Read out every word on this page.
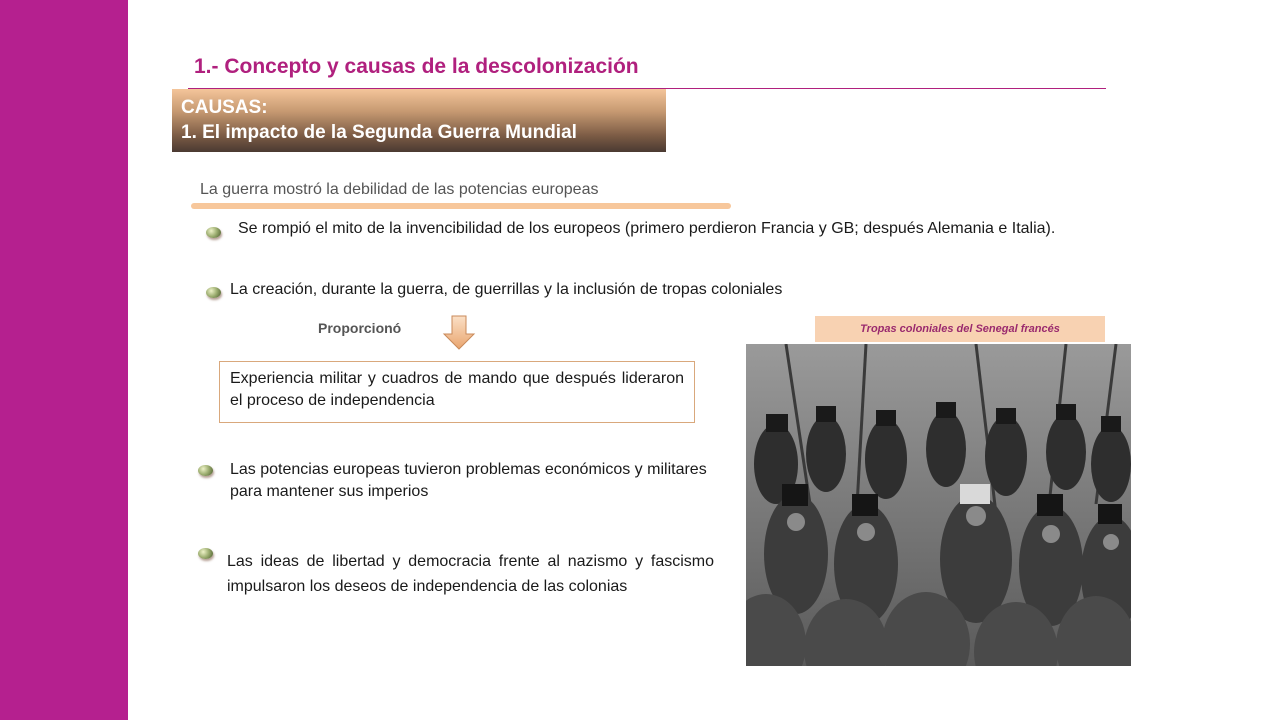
1.- Concepto y causas de la descolonización
CAUSAS:
1. El impacto de la Segunda Guerra Mundial
La guerra mostró la debilidad de las potencias europeas
Se rompió el mito de la invencibilidad de los europeos (primero perdieron Francia y GB; después Alemania e Italia).
La creación, durante la guerra, de guerrillas y la inclusión de tropas coloniales
Proporcionó
Experiencia militar y cuadros de mando que después lideraron el proceso de independencia
Las potencias europeas tuvieron problemas económicos y militares para mantener sus imperios
Las ideas de libertad y democracia frente al nazismo y fascismo impulsaron los deseos de independencia de las colonias
Tropas coloniales del Senegal francés
